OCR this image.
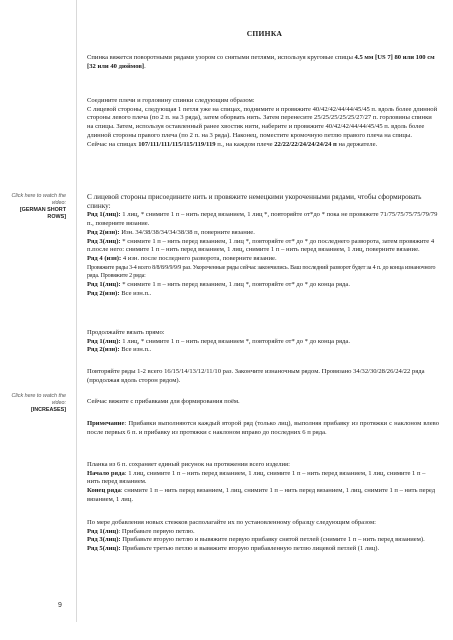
СПИНКА
Click here to watch the video:
[GERMAN SHORT ROWS]
Click here to watch the video:
[INCREASES]

Спинка вяжется поворотными рядами узором со снятыми петлями, используя круговые спицы 4.5 мм [US 7] 80 или 100 см [32 или 40 дюймов].

Соедините плечи и горловину спинки следующим образом:

С лицевой стороны, следующая 1 петля уже на спицах, поднимите и провяжите 40/42/42/44/44/45/45 п. вдоль более длинной стороны левого плеча (по 2 п. на 3 ряда), затем оборвать нить. Затем перенесите 25/25/25/25/25/27/27 п. горловины спинки на спицы. Затем, используя оставленный ранее хвостик нити, наберите и провяжите 40/42/42/44/44/45/45 п. вдоль более длинной стороны правого плеча (по 2 п. на 3 ряда). Наконец, поместите кромочную петлю правого плеча на спицы.

Сейчас на спицах 107/111/111/115/115/119/119 п., на каждом плече 22/22/22/24/24/24/24 п на держателе.

С лицевой стороны присоедините нить и провяжите немецкими укороченными рядами, чтобы сформировать спинку:

Ряд 1(лиц): 1 лиц, * снимите 1 п – нить перед вязанием, 1 лиц *, повторяйте от*до * пока не провяжете 71/75/75/75/75/79/79 п., поверните вязание.

Ряд 2(изн): Изн. 34/38/38/34/34/38/38 п, поверните вязание.

Ряд 3(лиц): * снимите 1 п – нить перед вязанием, 1 лиц *, повторяйте от* до * до последнего разворота, затем провяжите 4 п.после него: снимите 1 п – нить перед вязанием, 1 лиц, снимите 1 п – нить перед вязанием, 1 лиц, поверните вязание.

Ряд 4 (изн): 4 изн. после последнего разворота, поверните вязание.

Провяжите ряды 3-4 всего 8/8/8/9/9/9/9 раз. Укороченные ряды сейчас закончились. Ваш последний разворот будет за 4 п. до конца изнаночного ряда. Провяжите 2 ряда:

Ряд 1(лиц): * снимите 1 п – нить перед вязанием, 1 лиц *, повторяйте от* до * до конца ряда.

Ряд 2(изн): Все изн.п..

Продолжайте вязать прямо:

Ряд 1(лиц): 1 лиц, * снимите 1 п – нить перед вязанием *, повторяйте от* до * до конца ряда.

Ряд 2(изн): Все изн.п..

Повторяйте ряды 1-2 всего 16/15/14/13/12/11/10 раз. Закончите изнаночным рядом. Провязано 34/32/30/28/26/24/22 ряда (продолжая вдоль сторон рядом).

Сейчас вяжите с прибавками для формирования поём.

Примечание: Прибавки выполняются каждый второй ряд (только лиц), выполняя прибавку из протяжки с наклоном влево после первых 6 п. и прибавку из протяжки с наклоном вправо до последних 6 п ряда.

Планка из 6 п. сохраняет единый рисунок на протяжении всего изделия:

Начало ряда: 1 лиц, снимите 1 п – нить перед вязанием, 1 лиц, снимите 1 п – нить перед вязанием, 1 лиц, снимите 1 п – нить перед вязанием.

Конец ряда: снимите 1 п – нить перед вязанием, 1 лиц, снимите 1 п – нить перед вязанием, 1 лиц, снимите 1 п – нить перед вязанием, 1 лиц.

По мере добавления новых стежков располагайте их по установленному образцу следующим образом:

Ряд 1(лиц): Прибавьте первую петлю.

Ряд 3(лиц): Прибавьте вторую петлю и вывяжите первую прибавку снятой петлей (снимите 1 п – нить перед вязанием).

Ряд 5(лиц): Прибавьте третью петлю и вывяжите вторую прибавленную петлю лицевой петлей (1 лиц).

9
